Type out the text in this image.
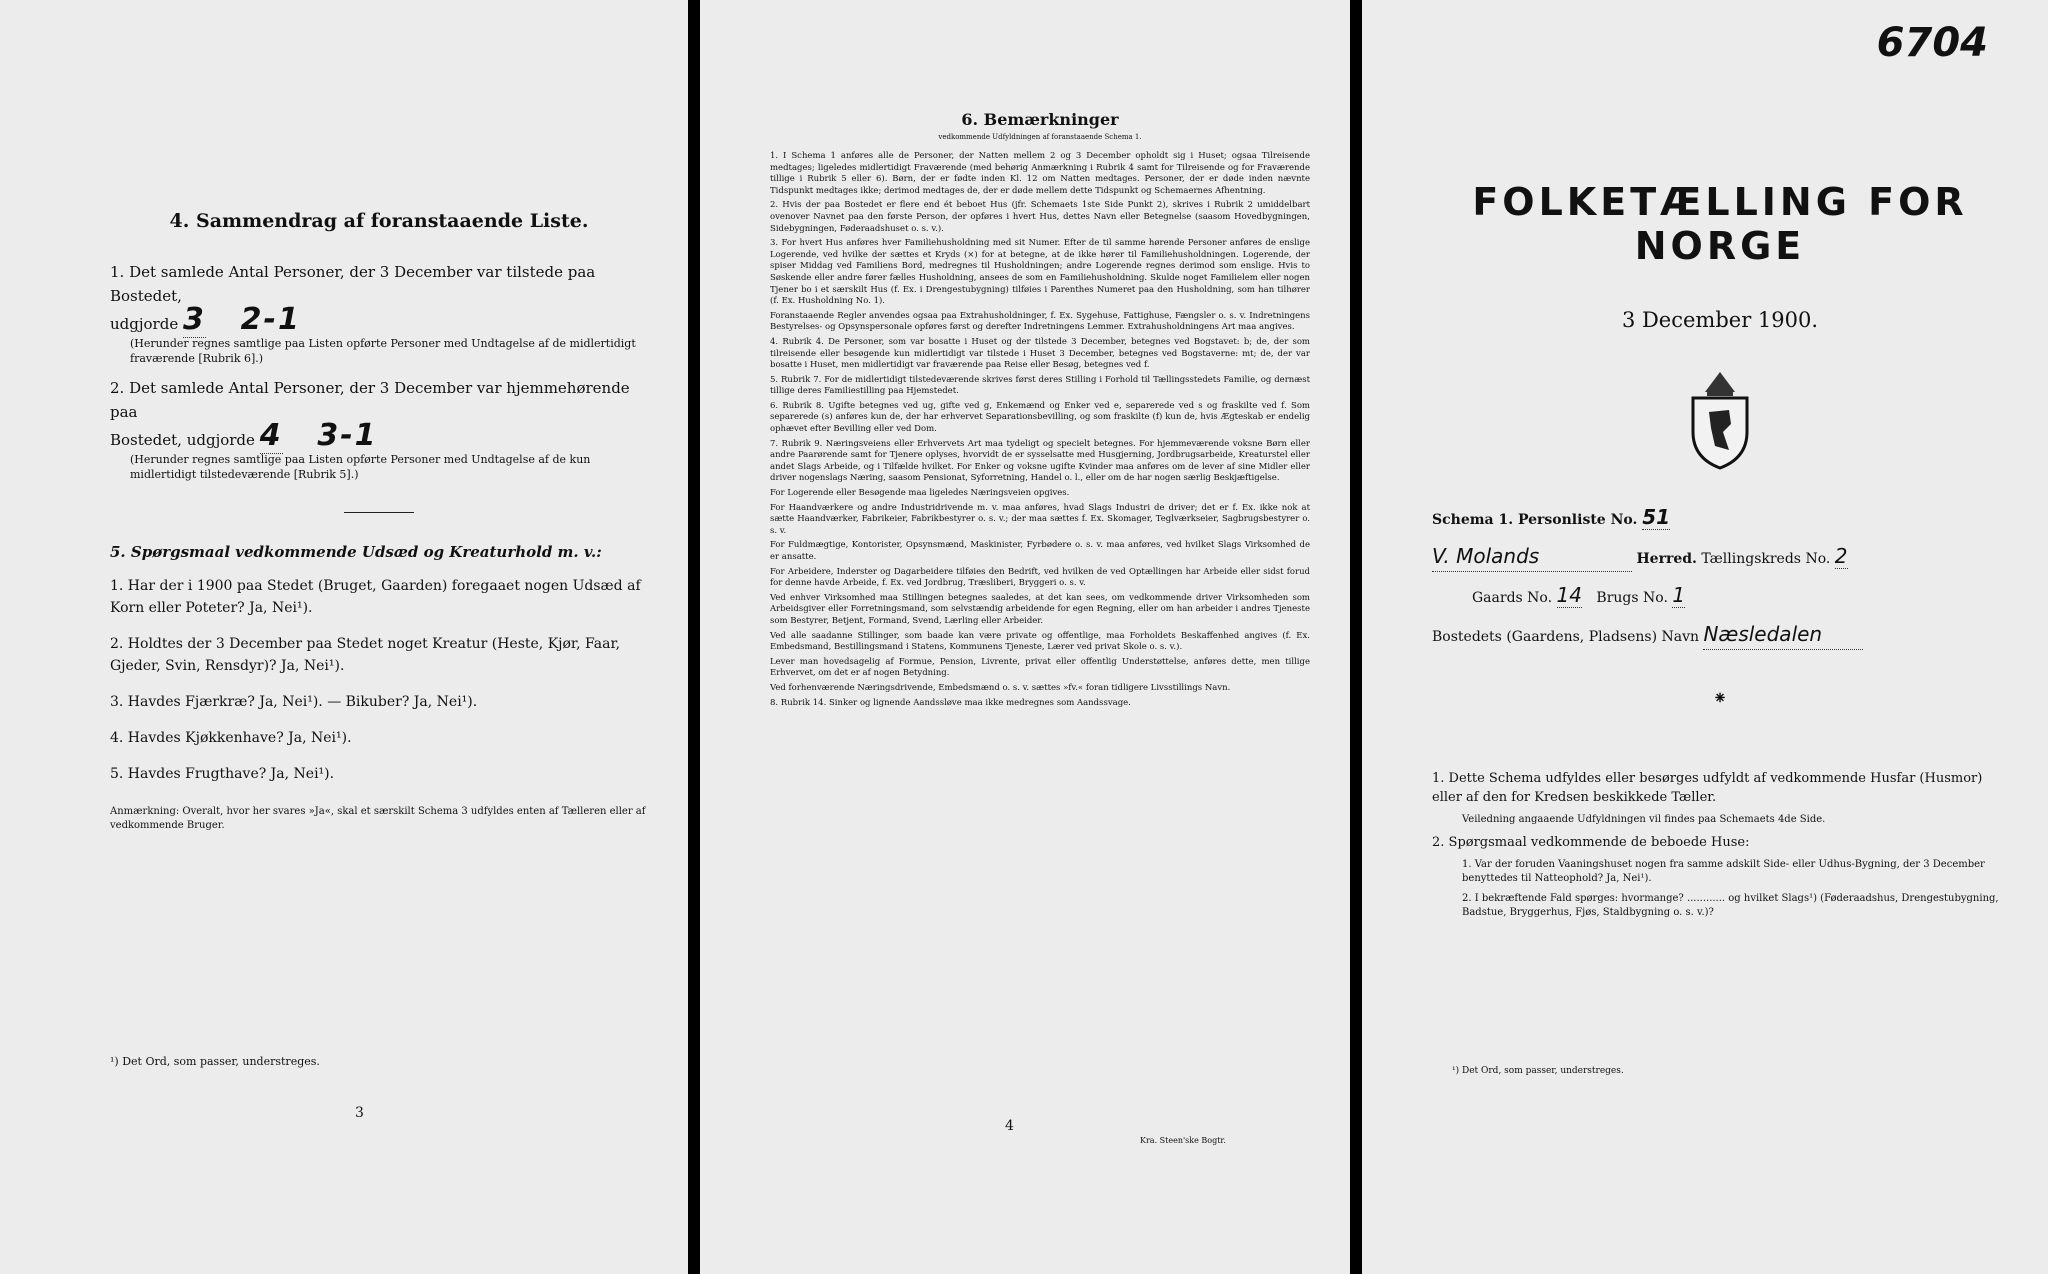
4. Sammendrag af foranstaaende Liste.
1. Det samlede Antal Personer, der 3 December var tilstede paa Bostedet,
udgjorde 3 2-1
(Herunder regnes samtlige paa Listen opførte Personer med Undtagelse af de midlertidigt fraværende [Rubrik 6].)
2. Det samlede Antal Personer, der 3 December var hjemmehørende paa
Bostedet, udgjorde 4 3-1
(Herunder regnes samtlige paa Listen opførte Personer med Undtagelse af de kun midlertidigt tilstedeværende [Rubrik 5].)
5. Spørgsmaal vedkommende Udsæd og Kreaturhold m. v.:
1. Har der i 1900 paa Stedet (Bruget, Gaarden) foregaaet nogen Udsæd af Korn eller Poteter? Ja, Nei¹).
2. Holdtes der 3 December paa Stedet noget Kreatur (Heste, Kjør, Faar, Gjeder, Svin, Rensdyr)? Ja, Nei¹).
3. Havdes Fjærkræ? Ja, Nei¹). — Bikuber? Ja, Nei¹).
4. Havdes Kjøkkenhave? Ja, Nei¹).
5. Havdes Frugthave? Ja, Nei¹).
Anmærkning: Overalt, hvor her svares »Ja«, skal et særskilt Schema 3 udfyldes enten af Tælleren eller af vedkommende Bruger.
¹) Det Ord, som passer, understreges.
3
6. Bemærkninger
vedkommende Udfyldningen af foranstaaende Schema 1.
1. I Schema 1 anføres alle de Personer, der Natten mellem 2 og 3 December opholdt sig i Huset; ogsaa Tilreisende medtages; ligeledes midlertidigt Fraværende (med behørig Anmærkning i Rubrik 4 samt for Tilreisende og for Fraværende tillige i Rubrik 5 eller 6). Børn, der er fødte inden Kl. 12 om Natten medtages. Personer, der er døde inden nævnte Tidspunkt medtages ikke; derimod medtages de, der er døde mellem dette Tidspunkt og Schemaernes Afhentning.
2. Hvis der paa Bostedet er flere end ét beboet Hus (jfr. Schemaets 1ste Side Punkt 2), skrives i Rubrik 2 umiddelbart ovenover Navnet paa den første Person, der opføres i hvert Hus, dettes Navn eller Betegnelse (saasom Hovedbygningen, Sidebygningen, Føderaadshuset o. s. v.).
3. For hvert Hus anføres hver Familiehusholdning med sit Numer. Efter de til samme hørende Personer anføres de enslige Logerende, ved hvilke der sættes et Kryds (×) for at betegne, at de ikke hører til Familiehusholdningen. Logerende, der spiser Middag ved Familiens Bord, medregnes til Husholdningen; andre Logerende regnes derimod som enslige. Hvis to Søskende eller andre fører fælles Husholdning, ansees de som en Familiehusholdning. Skulde noget Familielem eller nogen Tjener bo i et særskilt Hus (f. Ex. i Drengestubygning) tilføies i Parenthes Numeret paa den Husholdning, som han tilhører (f. Ex. Husholdning No. 1).
Foranstaaende Regler anvendes ogsaa paa Extrahusholdninger, f. Ex. Sygehuse, Fattighuse, Fængsler o. s. v. Indretningens Bestyrelses- og Opsynspersonale opføres først og derefter Indretningens Lemmer. Extrahusholdningens Art maa angives.
4. Rubrik 4. De Personer, som var bosatte i Huset og der tilstede 3 December, betegnes ved Bogstavet: b; de, der som tilreisende eller besøgende kun midlertidigt var tilstede i Huset 3 December, betegnes ved Bogstaverne: mt; de, der var bosatte i Huset, men midlertidigt var fraværende paa Reise eller Besøg, betegnes ved f.
5. Rubrik 7. For de midlertidigt tilstedeværende skrives først deres Stilling i Forhold til Tællingsstedets Familie, og dernæst tillige deres Familiestilling paa Hjemstedet.
6. Rubrik 8. Ugifte betegnes ved ug, gifte ved g, Enkemænd og Enker ved e, separerede ved s og fraskilte ved f. Som separerede (s) anføres kun de, der har erhvervet Separationsbevilling, og som fraskilte (f) kun de, hvis Ægteskab er endelig ophævet efter Bevilling eller ved Dom.
7. Rubrik 9. Næringsveiens eller Erhvervets Art maa tydeligt og specielt betegnes. For hjemmeværende voksne Børn eller andre Paarørende samt for Tjenere oplyses, hvorvidt de er sysselsatte med Husgjerning, Jordbrugsarbeide, Kreaturstel eller andet Slags Arbeide, og i Tilfælde hvilket. For Enker og voksne ugifte Kvinder maa anføres om de lever af sine Midler eller driver nogenslags Næring, saasom Pensionat, Syforretning, Handel o. l., eller om de har nogen særlig Beskjæftigelse.
For Logerende eller Besøgende maa ligeledes Næringsveien opgives.
For Haandværkere og andre Industridrivende m. v. maa anføres, hvad Slags Industri de driver; det er f. Ex. ikke nok at sætte Haandværker, Fabrikeier, Fabrikbestyrer o. s. v.; der maa sættes f. Ex. Skomager, Teglværkseier, Sagbrugsbestyrer o. s. v.
For Fuldmægtige, Kontorister, Opsynsmænd, Maskinister, Fyrbødere o. s. v. maa anføres, ved hvilket Slags Virksomhed de er ansatte.
For Arbeidere, Inderster og Dagarbeidere tilføies den Bedrift, ved hvilken de ved Optællingen har Arbeide eller sidst forud for denne havde Arbeide, f. Ex. ved Jordbrug, Træsliberi, Bryggeri o. s. v.
Ved enhver Virksomhed maa Stillingen betegnes saaledes, at det kan sees, om vedkommende driver Virksomheden som Arbeidsgiver eller Forretningsmand, som selvstændig arbeidende for egen Regning, eller om han arbeider i andres Tjeneste som Bestyrer, Betjent, Formand, Svend, Lærling eller Arbeider.
Ved alle saadanne Stillinger, som baade kan være private og offentlige, maa Forholdets Beskaffenhed angives (f. Ex. Embedsmand, Bestillingsmand i Statens, Kommunens Tjeneste, Lærer ved privat Skole o. s. v.).
Lever man hovedsagelig af Formue, Pension, Livrente, privat eller offentlig Understøttelse, anføres dette, men tillige Erhvervet, om det er af nogen Betydning.
Ved forhenværende Næringsdrivende, Embedsmænd o. s. v. sættes »fv.« foran tidligere Livsstillings Navn.
8. Rubrik 14. Sinker og lignende Aandssløve maa ikke medregnes som Aandssvage.
4
Kra. Steen'ske Bogtr.
6704
FOLKETÆLLING FOR NORGE
3 December 1900.
Schema 1. Personliste No. 51
V. Molands	Herred. Tællingskreds No. 2
Gaards No. 14 Brugs No. 1
Bostedets (Gaardens, Pladsens) Navn Næsledalen
⁕
1. Dette Schema udfyldes eller besørges udfyldt af vedkommende Husfar (Husmor) eller af den for Kredsen beskikkede Tæller.
Veiledning angaaende Udfyldningen vil findes paa Schemaets 4de Side.
2. Spørgsmaal vedkommende de beboede Huse:
1. Var der foruden Vaaningshuset nogen fra samme adskilt Side- eller Udhus-Bygning, der 3 December benyttedes til Natteophold? Ja, Nei¹).
2. I bekræftende Fald spørges: hvormange? ............ og hvilket Slags¹) (Føderaadshus, Drengestubygning, Badstue, Bryggerhus, Fjøs, Staldbygning o. s. v.)?
¹) Det Ord, som passer, understreges.
